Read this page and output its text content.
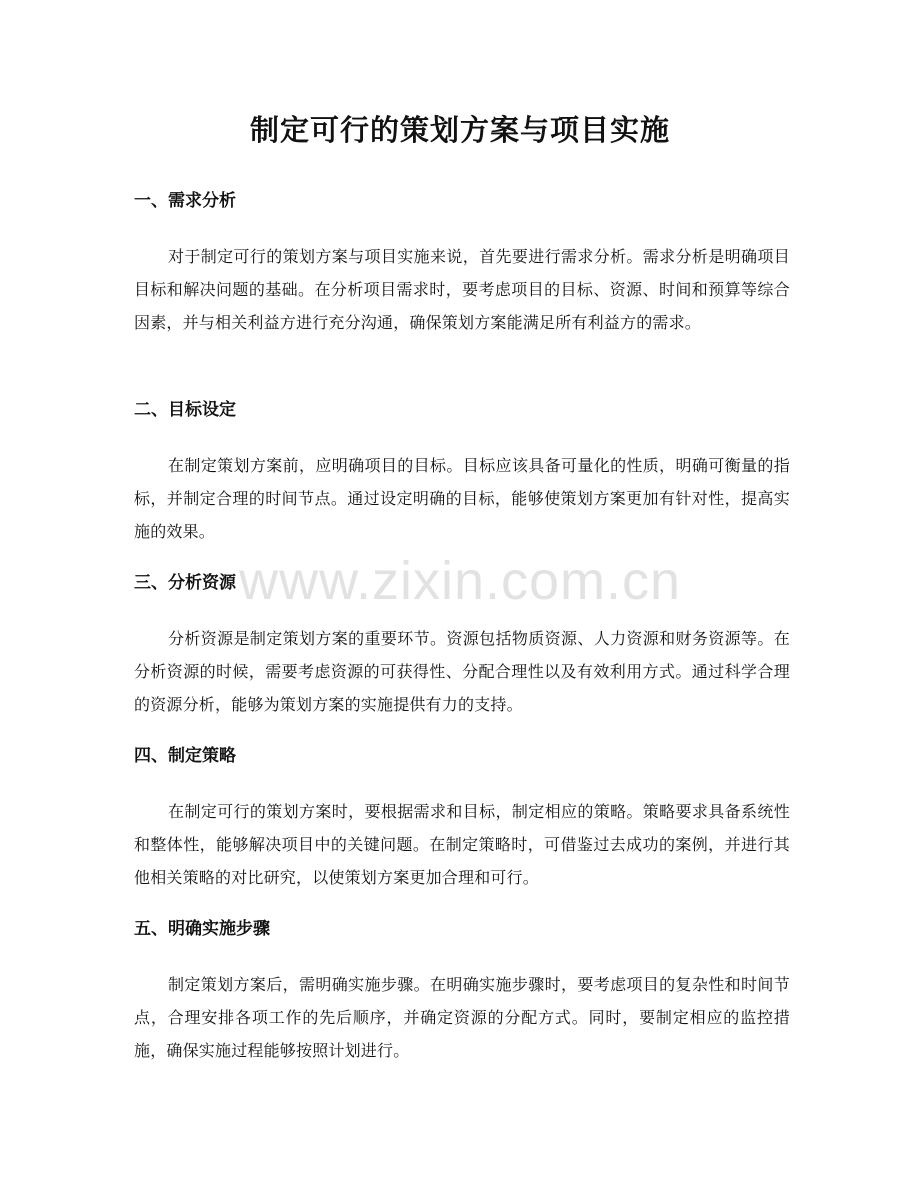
制定可行的策划方案与项目实施
一、需求分析

对于制定可行的策划方案与项目实施来说，首先要进行需求分析。需求分析是明确项目目标和解决问题的基础。在分析项目需求时，要考虑项目的目标、资源、时间和预算等综合因素，并与相关利益方进行充分沟通，确保策划方案能满足所有利益方的需求。

二、目标设定

在制定策划方案前，应明确项目的目标。目标应该具备可量化的性质，明确可衡量的指标，并制定合理的时间节点。通过设定明确的目标，能够使策划方案更加有针对性，提高实施的效果。

三、分析资源

分析资源是制定策划方案的重要环节。资源包括物质资源、人力资源和财务资源等。在分析资源的时候，需要考虑资源的可获得性、分配合理性以及有效利用方式。通过科学合理的资源分析，能够为策划方案的实施提供有力的支持。

四、制定策略

在制定可行的策划方案时，要根据需求和目标，制定相应的策略。策略要求具备系统性和整体性，能够解决项目中的关键问题。在制定策略时，可借鉴过去成功的案例，并进行其他相关策略的对比研究，以使策划方案更加合理和可行。

五、明确实施步骤

制定策划方案后，需明确实施步骤。在明确实施步骤时，要考虑项目的复杂性和时间节点，合理安排各项工作的先后顺序，并确定资源的分配方式。同时，要制定相应的监控措施，确保实施过程能够按照计划进行。

www.zixin.com.cn
